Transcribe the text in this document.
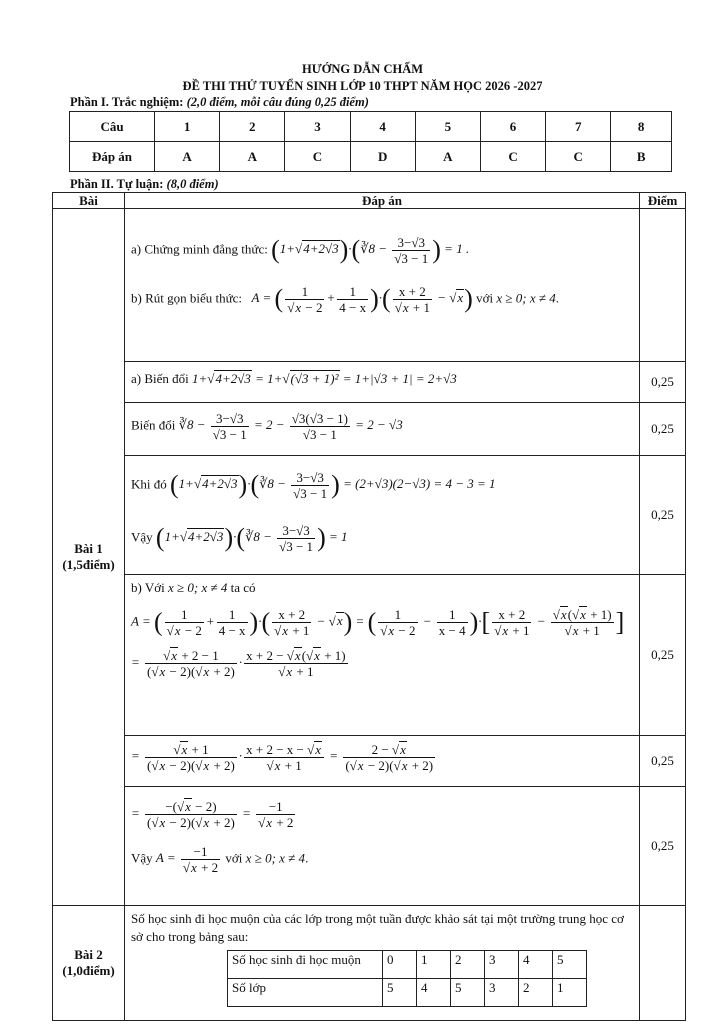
HƯỚNG DẪN CHẤM
ĐỀ THI THỬ TUYỂN SINH LỚP 10 THPT NĂM HỌC 2026 -2027
Phần I. Trắc nghiệm: (2,0 điểm, mỗi câu đúng 0,25 điểm)
Câu	1	2	3	4	5	6	7	8
Đáp án	A	A	C	D	A	C	C	B
Phần II. Tự luận: (8,0 điểm)
Bài	Đáp án	Điểm

Bài 1
(1,5điểm)

a) Chứng minh đẳng thức: (1+√4+2√3)·(∛8 − $\frac{3-√3}{√3 - 1}$ ) = 1 .
b) Rút gọn biểu thức:   A = ( $\frac{1}{√x - 2} + \frac{1}{4 - x}$ )·( $\frac{x + 2}{√x + 1} - √x$) với x ≥ 0; x ≠ 4.

a) Biến đổi 1+√4+2√3 = 1+√(√3 + 1)² = 1+|√3 + 1| = 2+√3	0,25
Biến đổi ∛8 − $\frac{3-√3}{√3 - 1} = 2 - \frac{√3(√3 - 1)}{√3 - 1} = 2 - √3$	0,25

Khi đó (1+√4+2√3)·(∛8 − $\frac{3-√3}{√3 - 1}$ ) = (2+√3)(2−√3) = 4 − 3 = 1
Vậy (1+√4+2√3)·(∛8 − $\frac{3-√3}{√3 - 1}$ ) = 1
	0,25

b) Với x ≥ 0; x ≠ 4 ta có
A = ( $\frac{1}{√x - 2} + \frac{1}{4 - x}$ )·( $\frac{x + 2}{√x + 1} - √x$) = ( $\frac{1}{√x - 2} - \frac{1}{x - 4}$ )·[ $\frac{x + 2}{√x + 1} - \frac{√x(√x + 1)}{√x + 1}$ ]
= $\frac{√x + 2 - 1}{(√x - 2)(√x + 2)} \cdot \frac{x + 2 - √x(√x + 1)}{√x + 1}$	0,25
= $\frac{√x + 1}{(√x - 2)(√x + 2)} \cdot \frac{x + 2 - x - √x}{√x + 1} = \frac{2 - √x}{(√x - 2)(√x + 2)}$	0,25

= $\frac{-(√x - 2)}{(√x - 2)(√x + 2)} = \frac{-1}{√x + 2}$
Vậy $A = \frac{-1}{√x + 2}$ với x ≥ 0; x ≠ 4.
	0,25

Bài 2
(1,0điểm)

Số học sinh đi học muộn của các lớp trong một tuần được khảo sát tại một trường trung học cơ sở cho trong bảng sau:
Số học sinh đi học muộn	0	1	2	3	4	5
Số lớp	5	4	5	3	2	1
